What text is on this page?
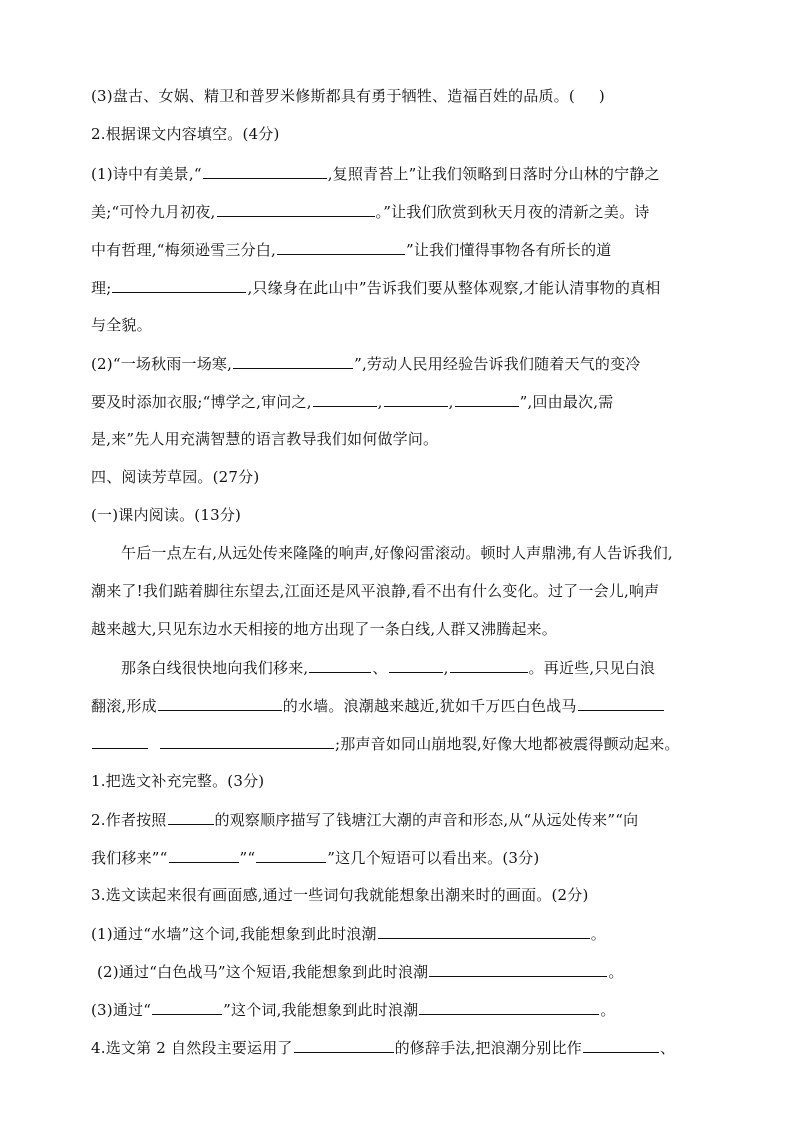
(3)盘古、女娲、精卫和普罗米修斯都具有勇于牺牲、造福百姓的品质。( )
2.根据课文内容填空。(4分)
(1)诗中有美景,“	,复照青苔上”让我们领略到日落时分山林的宁静之
美;“可怜九月初夜,	。”让我们欣赏到秋天月夜的清新之美。诗
中有哲理,“梅须逊雪三分白,	”让我们懂得事物各有所长的道
理;	,只缘身在此山中”告诉我们要从整体观察,才能认清事物的真相
与全貌。
(2)“一场秋雨一场寒,	”,劳动人民用经验告诉我们随着天气的变冷
要及时添加衣服;“博学之,审问之,	,	,	”,回由最次,需
是,来”先人用充满智慧的语言教导我们如何做学问。
四、阅读芳草园。(27分)
(一)课内阅读。(13分)
午后一点左右,从远处传来隆隆的响声,好像闷雷滚动。顿时人声鼎沸,有人告诉我们,
潮来了!我们踮着脚往东望去,江面还是风平浪静,看不出有什么变化。过了一会儿,响声
越来越大,只见东边水天相接的地方出现了一条白线,人群又沸腾起来。
那条白线很快地向我们移来,	、	,	。再近些,只见白浪
翻滚,形成	的水墙。浪潮越来越近,犹如千万匹白色战马
;那声音如同山崩地裂,好像大地都被震得颤动起来。
1.把选文补充完整。(3分)
2.作者按照	的观察顺序描写了钱塘江大潮的声音和形态,从“从远处传来”“向
我们移来”“	”“	”这几个短语可以看出来。(3分)
3.选文读起来很有画面感,通过一些词句我就能想象出潮来时的画面。(2分)
(1)通过“水墙”这个词,我能想象到此时浪潮	。
(2)通过“白色战马”这个短语,我能想象到此时浪潮	。
(3)通过“	”这个词,我能想象到此时浪潮	。
4.选文第 2 自然段主要运用了	的修辞手法,把浪潮分别比作	、
